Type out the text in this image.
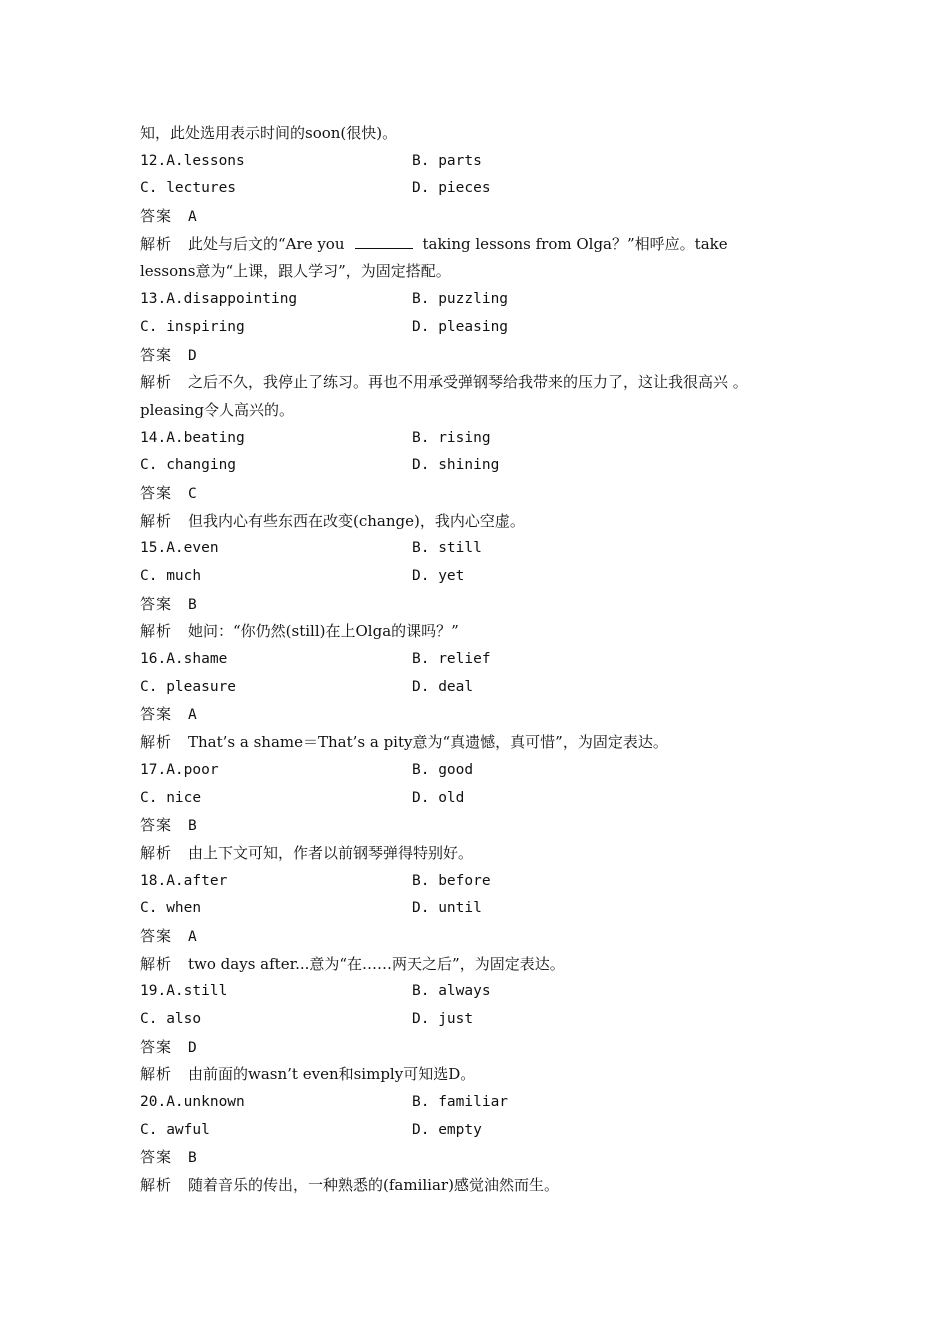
知，此处选用表示时间的soon(很快)。
12.A.lessons	B. parts
C. lectures	D. pieces
答案 A
解析 此处与后文的“Are you	taking lessons from Olga？”相呼应。take
lessons意为“上课，跟人学习”，为固定搭配。
13.A.disappointing	B. puzzling
C. inspiring	D. pleasing
答案 D
解析 之后不久，我停止了练习。再也不用承受弹钢琴给我带来的压力了，这让我很高兴 。
pleasing令人高兴的。
14.A.beating	B. rising
C. changing	D. shining
答案 C
解析 但我内心有些东西在改变(change)，我内心空虚。
15.A.even	B. still
C. much	D. yet
答案 B
解析 她问：“你仍然(still)在上Olga的课吗？”
16.A.shame	B. relief
C. pleasure	D. deal
答案 A
解析 That’s a shame＝That’s a pity意为“真遗憾，真可惜”，为固定表达。
17.A.poor	B. good
C. nice	D. old
答案 B
解析 由上下文可知，作者以前钢琴弹得特别好。
18.A.after	B. before
C. when	D. until
答案 A
解析 two days after...意为“在……两天之后”，为固定表达。
19.A.still	B. always
C. also	D. just
答案 D
解析 由前面的wasn’t even和simply可知选D。
20.A.unknown	B. familiar
C. awful	D. empty
答案 B
解析 随着音乐的传出，一种熟悉的(familiar)感觉油然而生。
